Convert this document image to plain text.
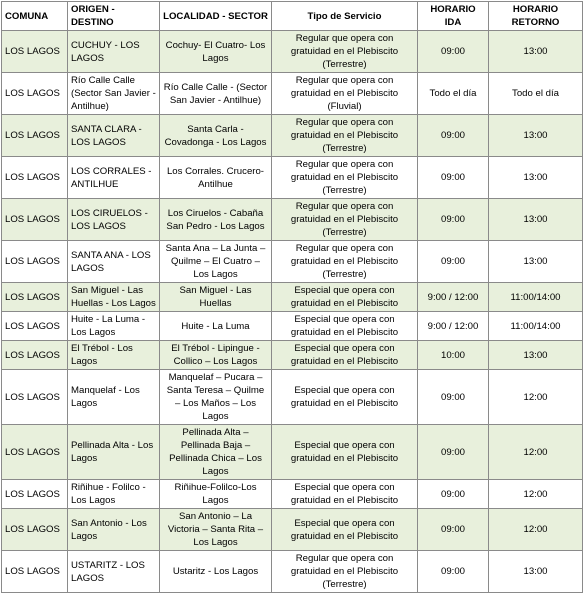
COMUNA	ORIGEN - DESTINO	LOCALIDAD - SECTOR	Tipo de Servicio	HORARIO IDA	HORARIO RETORNO
LOS LAGOS	CUCHUY - LOS LAGOS	Cochuy- El Cuatro- Los Lagos	Regular que opera con gratuidad en el Plebiscito (Terrestre)	09:00	13:00
LOS LAGOS	Río Calle Calle (Sector San Javier - Antilhue)	Río Calle Calle - (Sector San Javier - Antilhue)	Regular que opera con gratuidad en el Plebiscito (Fluvial)	Todo el día	Todo el día
LOS LAGOS	SANTA CLARA - LOS LAGOS	Santa Carla - Covadonga - Los Lagos	Regular que opera con gratuidad en el Plebiscito (Terrestre)	09:00	13:00
LOS LAGOS	LOS CORRALES - ANTILHUE	Los Corrales. Crucero- Antilhue	Regular que opera con gratuidad en el Plebiscito (Terrestre)	09:00	13:00
LOS LAGOS	LOS CIRUELOS - LOS LAGOS	Los Ciruelos - Cabaña San Pedro - Los Lagos	Regular que opera con gratuidad en el Plebiscito (Terrestre)	09:00	13:00
LOS LAGOS	SANTA ANA - LOS LAGOS	Santa Ana – La Junta – Quilme – El Cuatro – Los Lagos	Regular que opera con gratuidad en el Plebiscito (Terrestre)	09:00	13:00
LOS LAGOS	San Miguel - Las Huellas - Los Lagos	San Miguel - Las Huellas	Especial que opera con gratuidad en el Plebiscito	9:00 / 12:00	11:00/14:00
LOS LAGOS	Huite - La Luma - Los Lagos	Huite - La Luma	Especial que opera con gratuidad en el Plebiscito	9:00 / 12:00	11:00/14:00
LOS LAGOS	El Trébol - Los Lagos	El Trébol - Lipingue - Collico – Los Lagos	Especial que opera con gratuidad en el Plebiscito	10:00	13:00
LOS LAGOS	Manquelaf - Los Lagos	Manquelaf – Pucara – Santa Teresa – Quilme – Los Maños – Los Lagos	Especial que opera con gratuidad en el Plebiscito	09:00	12:00
LOS LAGOS	Pellinada Alta - Los Lagos	Pellinada Alta – Pellinada Baja – Pellinada Chica – Los Lagos	Especial que opera con gratuidad en el Plebiscito	09:00	12:00
LOS LAGOS	Riñihue - Folilco - Los Lagos	Riñihue-Folilco-Los Lagos	Especial que opera con gratuidad en el Plebiscito	09:00	12:00
LOS LAGOS	San Antonio - Los Lagos	San Antonio – La Victoria – Santa Rita – Los Lagos	Especial que opera con gratuidad en el Plebiscito	09:00	12:00
LOS LAGOS	USTARITZ - LOS LAGOS	Ustaritz - Los Lagos	Regular que opera con gratuidad en el Plebiscito (Terrestre)	09:00	13:00
